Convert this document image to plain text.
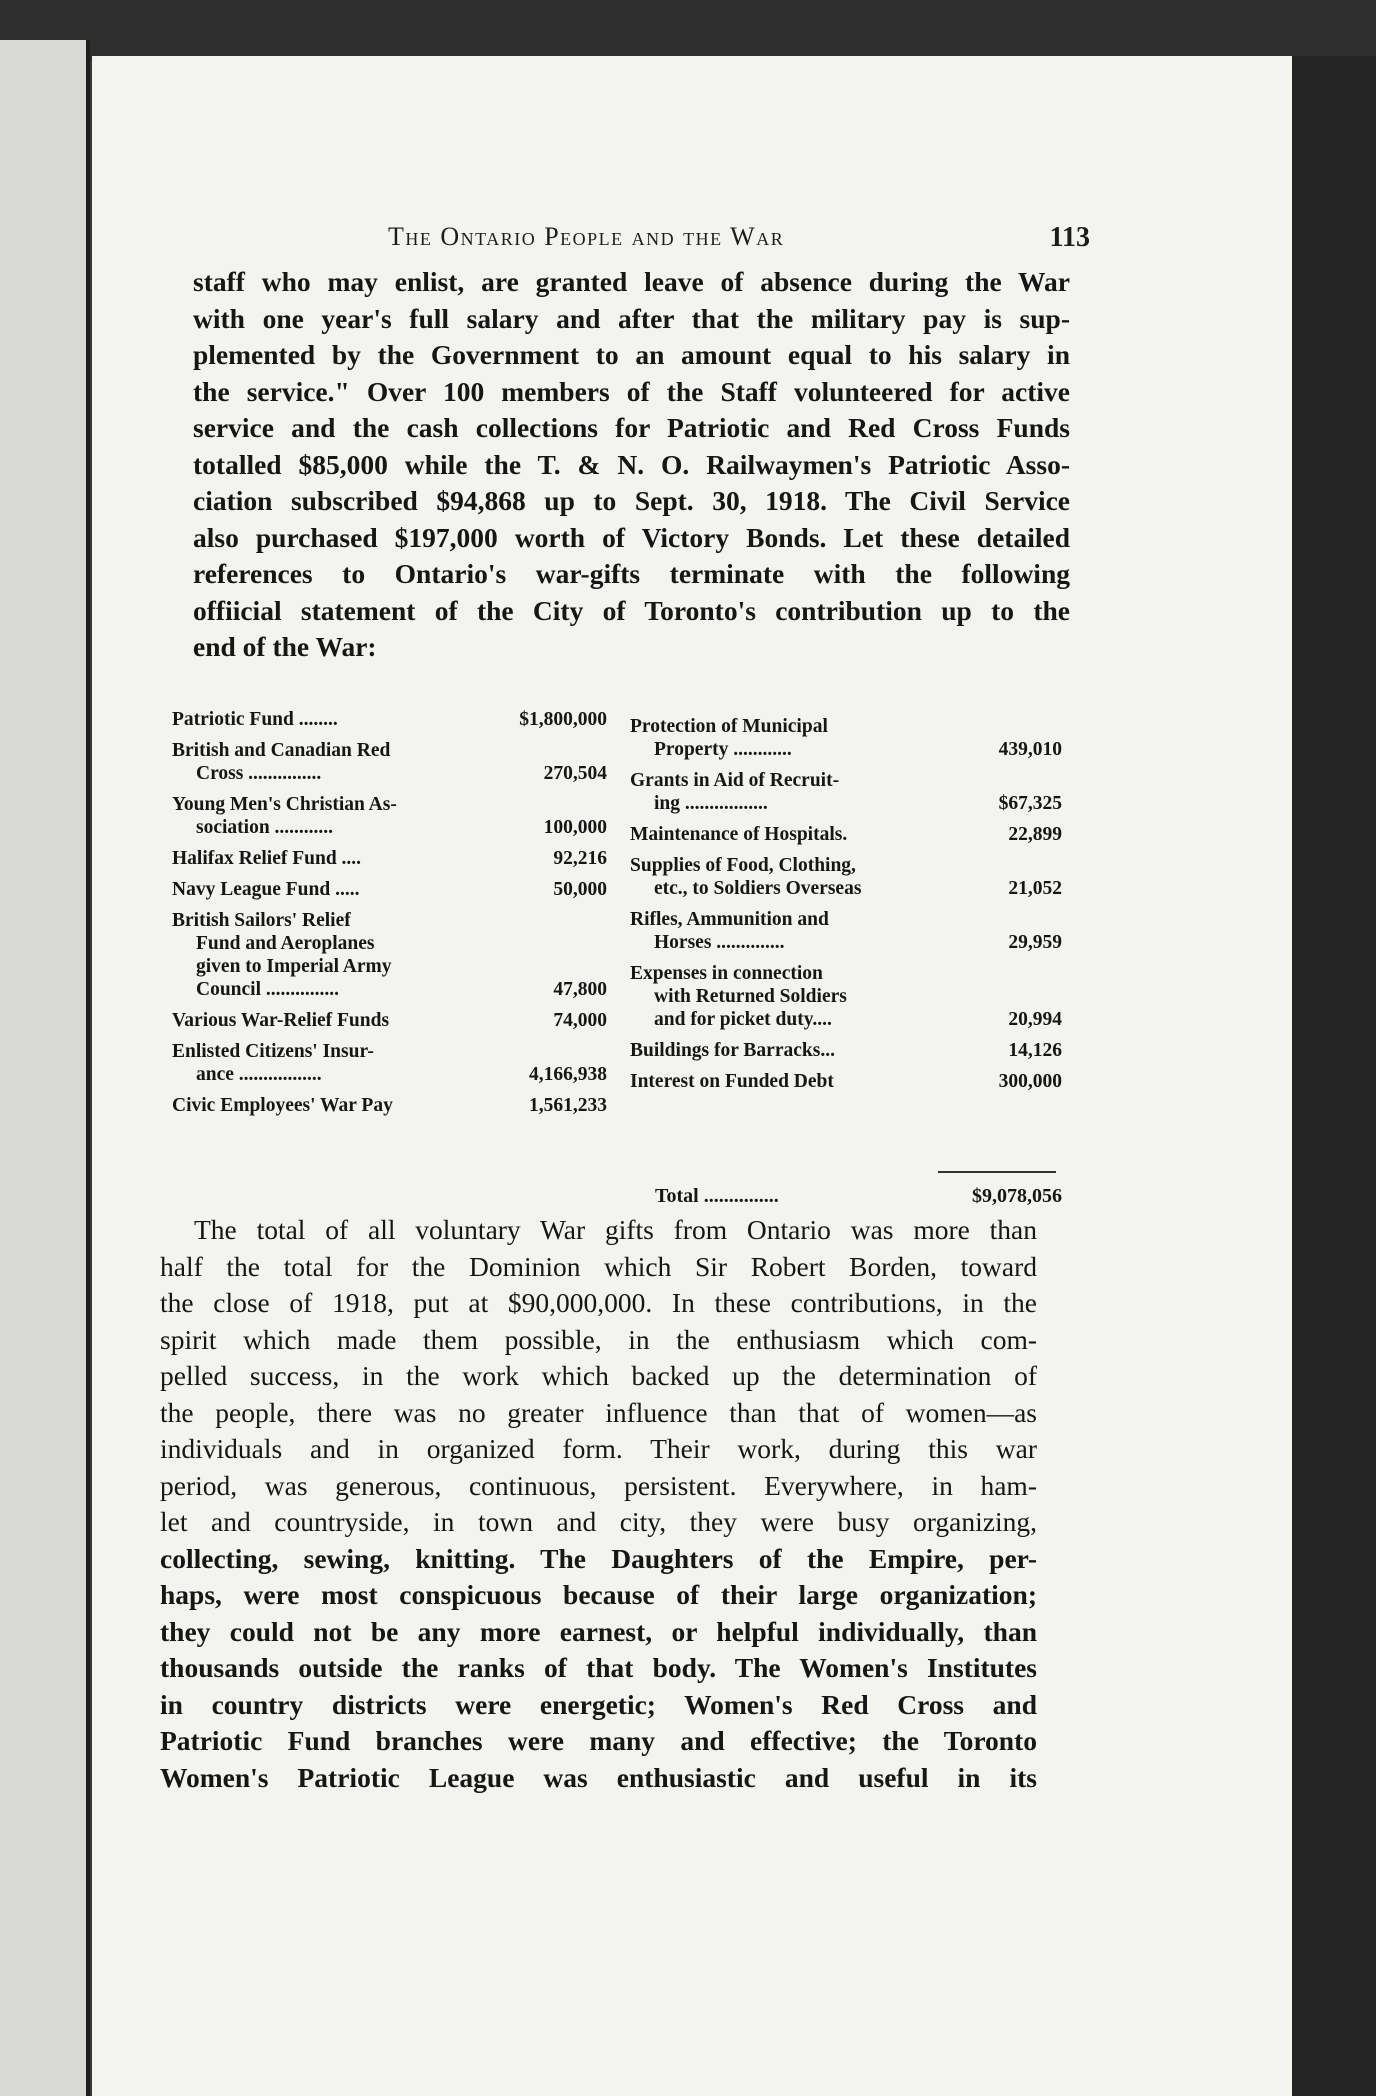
The Ontario People and the War	113
staff who may enlist, are granted leave of absence during the War
with one year's full salary and after that the military pay is sup-
plemented by the Government to an amount equal to his salary in
the service." Over 100 members of the Staff volunteered for active
service and the cash collections for Patriotic and Red Cross Funds
totalled $85,000 while the T. & N. O. Railwaymen's Patriotic Asso-
ciation subscribed $94,868 up to Sept. 30, 1918. The Civil Service
also purchased $197,000 worth of Victory Bonds. Let these detailed
references to Ontario's war-gifts terminate with the following
offiicial statement of the City of Toronto's contribution up to the
end of the War:
Patriotic Fund ........	$1,800,000
British and Canadian Red
Cross ...............	270,504
Young Men's Christian As-
sociation ............	100,000
Halifax Relief Fund ....	92,216
Navy League Fund .....	50,000
British Sailors' Relief
Fund and Aeroplanes
given to Imperial Army
Council ...............	47,800
Various War-Relief Funds	74,000
Enlisted Citizens' Insur-
ance .................	4,166,938
Civic Employees' War Pay	1,561,233
Protection of Municipal
Property ............	439,010
Grants in Aid of Recruit-
ing .................	$67,325
Maintenance of Hospitals.	22,899
Supplies of Food, Clothing,
etc., to Soldiers Overseas	21,052
Rifles, Ammunition and
Horses ..............	29,959
Expenses in connection
with Returned Soldiers
and for picket duty....	20,994
Buildings for Barracks...	14,126
Interest on Funded Debt	300,000
Total ...............	$9,078,056
The total of all voluntary War gifts from Ontario was more than
half the total for the Dominion which Sir Robert Borden, toward
the close of 1918, put at $90,000,000. In these contributions, in the
spirit which made them possible, in the enthusiasm which com-
pelled success, in the work which backed up the determination of
the people, there was no greater influence than that of women—as
individuals and in organized form. Their work, during this war
period, was generous, continuous, persistent. Everywhere, in ham-
let and countryside, in town and city, they were busy organizing,
collecting, sewing, knitting. The Daughters of the Empire, per-
haps, were most conspicuous because of their large organization;
they could not be any more earnest, or helpful individually, than
thousands outside the ranks of that body. The Women's Institutes
in country districts were energetic; Women's Red Cross and
Patriotic Fund branches were many and effective; the Toronto
Women's Patriotic League was enthusiastic and useful in its
